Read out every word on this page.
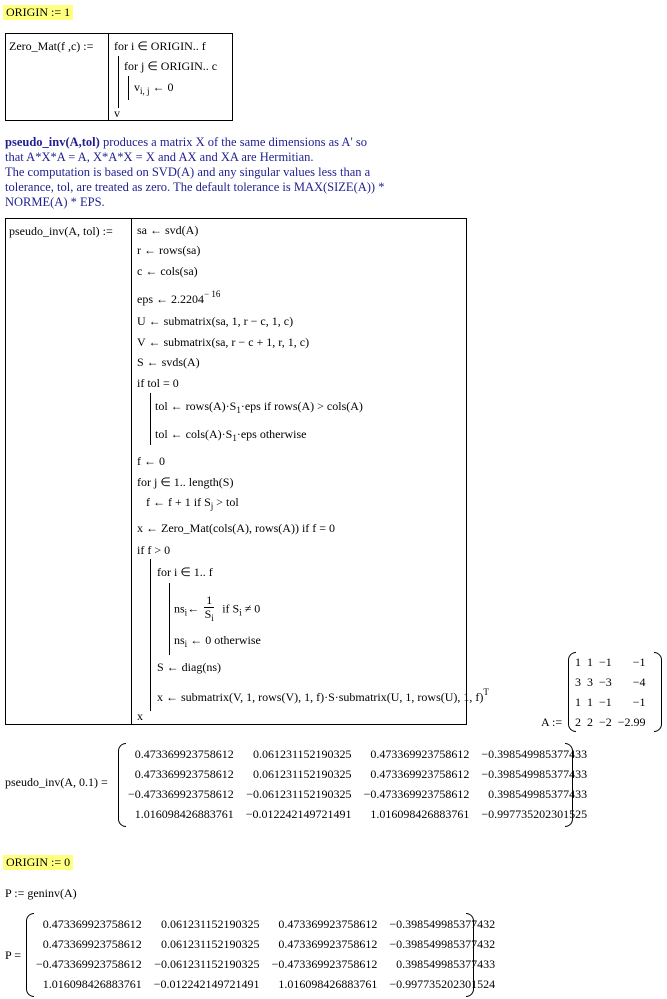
ORIGIN := 1
Zero_Mat(f ,c) := for i ∈ ORIGIN.. f
for j ∈ ORIGIN.. c
$v_{i, j}$ ← 0
v
pseudo_inv(A,tol) produces a matrix X of the same dimensions as A' so
that A*X*A = A, X*A*X = X and AX and XA are Hermitian.
The computation is based on SVD(A) and any singular values less than a
tolerance, tol, are treated as zero. The default tolerance is MAX(SIZE(A)) *
NORME(A) * EPS.
pseudo_inv(A, tol) := sa ← svd(A)
r ← rows(sa)
c ← cols(sa)
eps ← $2.2204^{- 16}$
U ← submatrix(sa, 1, r − c, 1, c)
V ← submatrix(sa, r − c + 1, r, 1, c)
S ← svds(A)
if tol = 0
tol ← $rows(A)\cdot S_1\cdot eps$ if rows(A) > cols(A)
tol ← $cols(A)\cdot S_1\cdot eps$ otherwise
f ← 0
for j ∈ 1.. length(S)
f ← f + 1 if $S_j$ > tol
x ← Zero_Mat(cols(A), rows(A)) if f = 0
if f > 0
for i ∈ 1.. f
$ns_i\leftarrow \frac{1}{S_i}$ if $S_i \ne 0$
$ns_i$ ← 0 otherwise
S ← diag(ns)
x ← submatrix(V, 1, rows(V), 1, f)·S·submatrix(U, 1, rows(U), 1, f)$^T$
x	A :=
1	1	−1	−1
3	3	−3	−4
1	1	−1	−1
2	2	−2	−2.99
pseudo_inv(A, 0.1) =
0.473369923758612	0.061231152190325	0.473369923758612	−0.398549985377433
0.473369923758612	0.061231152190325	0.473369923758612	−0.398549985377433
−0.473369923758612	−0.061231152190325	−0.473369923758612	0.398549985377433
1.016098426883761	−0.012242149721491	1.016098426883761	−0.997735202301525
ORIGIN := 0
P := geninv(A)
P =
0.473369923758612	0.061231152190325	0.473369923758612	−0.398549985377432
0.473369923758612	0.061231152190325	0.473369923758612	−0.398549985377432
−0.473369923758612	−0.061231152190325	−0.473369923758612	0.398549985377433
1.016098426883761	−0.012242149721491	1.016098426883761	−0.997735202301524
